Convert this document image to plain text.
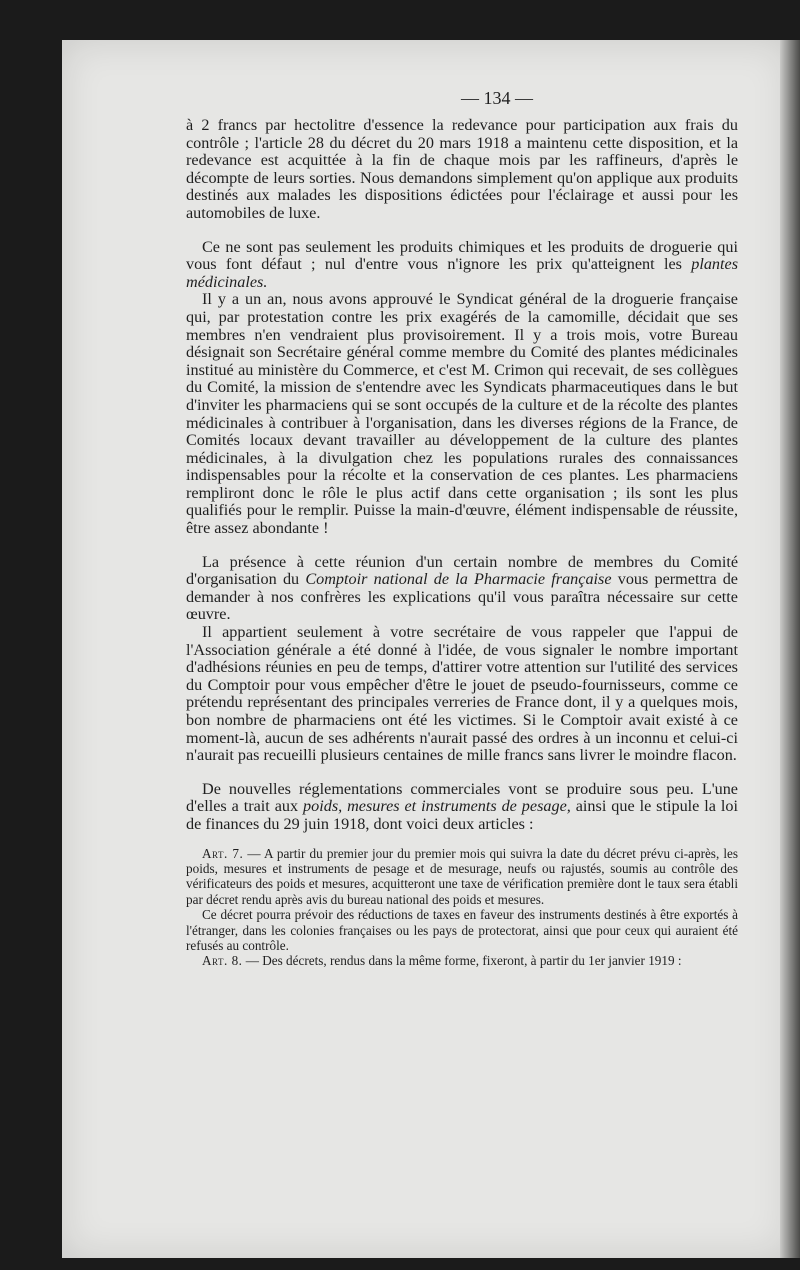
— 134 —

à 2 francs par hectolitre d'essence la redevance pour participation aux frais du contrôle ; l'article 28 du décret du 20 mars 1918 a maintenu cette disposition, et la redevance est acquittée à la fin de chaque mois par les raffineurs, d'après le décompte de leurs sorties. Nous demandons simplement qu'on applique aux produits destinés aux malades les dispositions édictées pour l'éclairage et aussi pour les automobiles de luxe.

Ce ne sont pas seulement les produits chimiques et les produits de droguerie qui vous font défaut ; nul d'entre vous n'ignore les prix qu'atteignent les plantes médicinales.

Il y a un an, nous avons approuvé le Syndicat général de la droguerie française qui, par protestation contre les prix exagérés de la camomille, décidait que ses membres n'en vendraient plus provisoirement. Il y a trois mois, votre Bureau désignait son Secrétaire général comme membre du Comité des plantes médicinales institué au ministère du Commerce, et c'est M. Crimon qui recevait, de ses collègues du Comité, la mission de s'entendre avec les Syndicats pharmaceutiques dans le but d'inviter les pharmaciens qui se sont occupés de la culture et de la récolte des plantes médicinales à contribuer à l'organisation, dans les diverses régions de la France, de Comités locaux devant travailler au développement de la culture des plantes médicinales, à la divulgation chez les populations rurales des connaissances indispensables pour la récolte et la conservation de ces plantes. Les pharmaciens rempliront donc le rôle le plus actif dans cette organisation ; ils sont les plus qualifiés pour le remplir. Puisse la main-d'œuvre, élément indispensable de réussite, être assez abondante !

La présence à cette réunion d'un certain nombre de membres du Comité d'organisation du Comptoir national de la Pharmacie française vous permettra de demander à nos confrères les explications qu'il vous paraîtra nécessaire sur cette œuvre.

Il appartient seulement à votre secrétaire de vous rappeler que l'appui de l'Association générale a été donné à l'idée, de vous signaler le nombre important d'adhésions réunies en peu de temps, d'attirer votre attention sur l'utilité des services du Comptoir pour vous empêcher d'être le jouet de pseudo-fournisseurs, comme ce prétendu représentant des principales verreries de France dont, il y a quelques mois, bon nombre de pharmaciens ont été les victimes. Si le Comptoir avait existé à ce moment-là, aucun de ses adhérents n'aurait passé des ordres à un inconnu et celui-ci n'aurait pas recueilli plusieurs centaines de mille francs sans livrer le moindre flacon.

De nouvelles réglementations commerciales vont se produire sous peu. L'une d'elles a trait aux poids, mesures et instruments de pesage, ainsi que le stipule la loi de finances du 29 juin 1918, dont voici deux articles :

Art. 7. — A partir du premier jour du premier mois qui suivra la date du décret prévu ci-après, les poids, mesures et instruments de pesage et de mesurage, neufs ou rajustés, soumis au contrôle des vérificateurs des poids et mesures, acquitteront une taxe de vérification première dont le taux sera établi par décret rendu après avis du bureau national des poids et mesures.

Ce décret pourra prévoir des réductions de taxes en faveur des instruments destinés à être exportés à l'étranger, dans les colonies françaises ou les pays de protectorat, ainsi que pour ceux qui auraient été refusés au contrôle.

Art. 8. — Des décrets, rendus dans la même forme, fixeront, à partir du 1er janvier 1919 :
